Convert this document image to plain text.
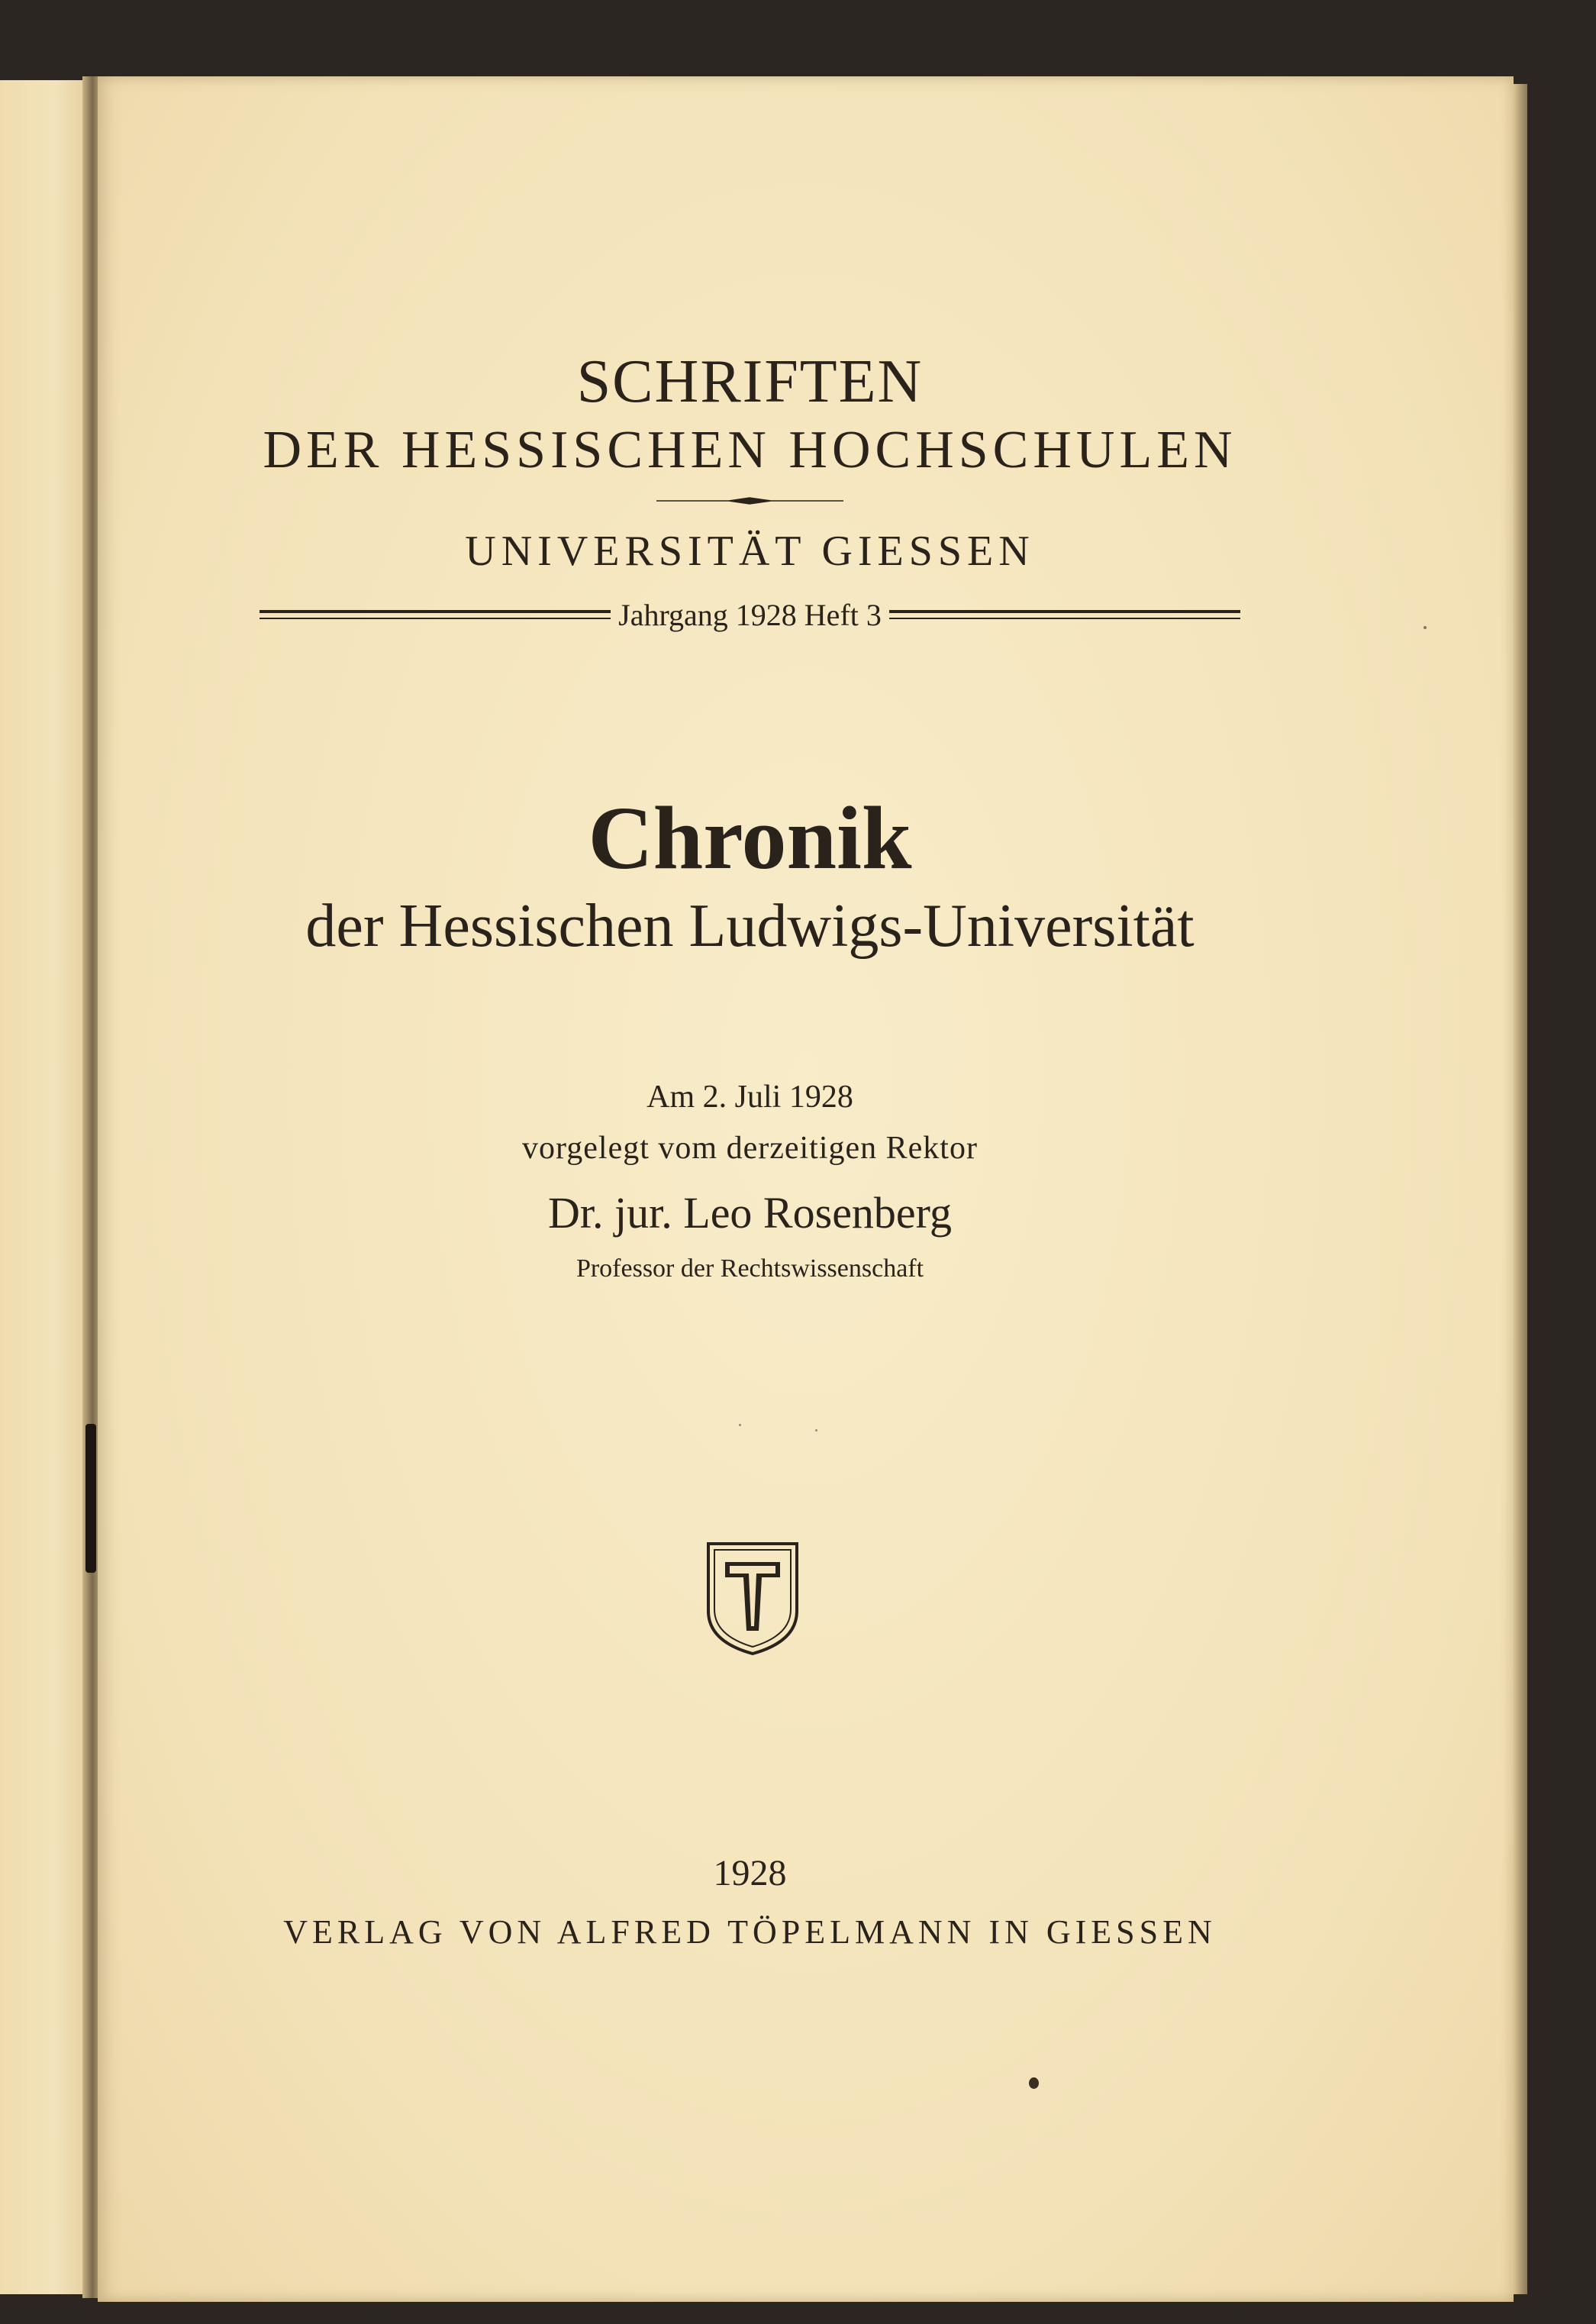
SCHRIFTEN
DER HESSISCHEN HOCHSCHULEN
UNIVERSITÄT GIESSEN
Jahrgang 1928 Heft 3
Chronik
der Hessischen Ludwigs-Universität
Am 2. Juli 1928
vorgelegt vom derzeitigen Rektor
Dr. jur. Leo Rosenberg
Professor der Rechtswissenschaft
1928
VERLAG VON ALFRED TÖPELMANN IN GIESSEN
